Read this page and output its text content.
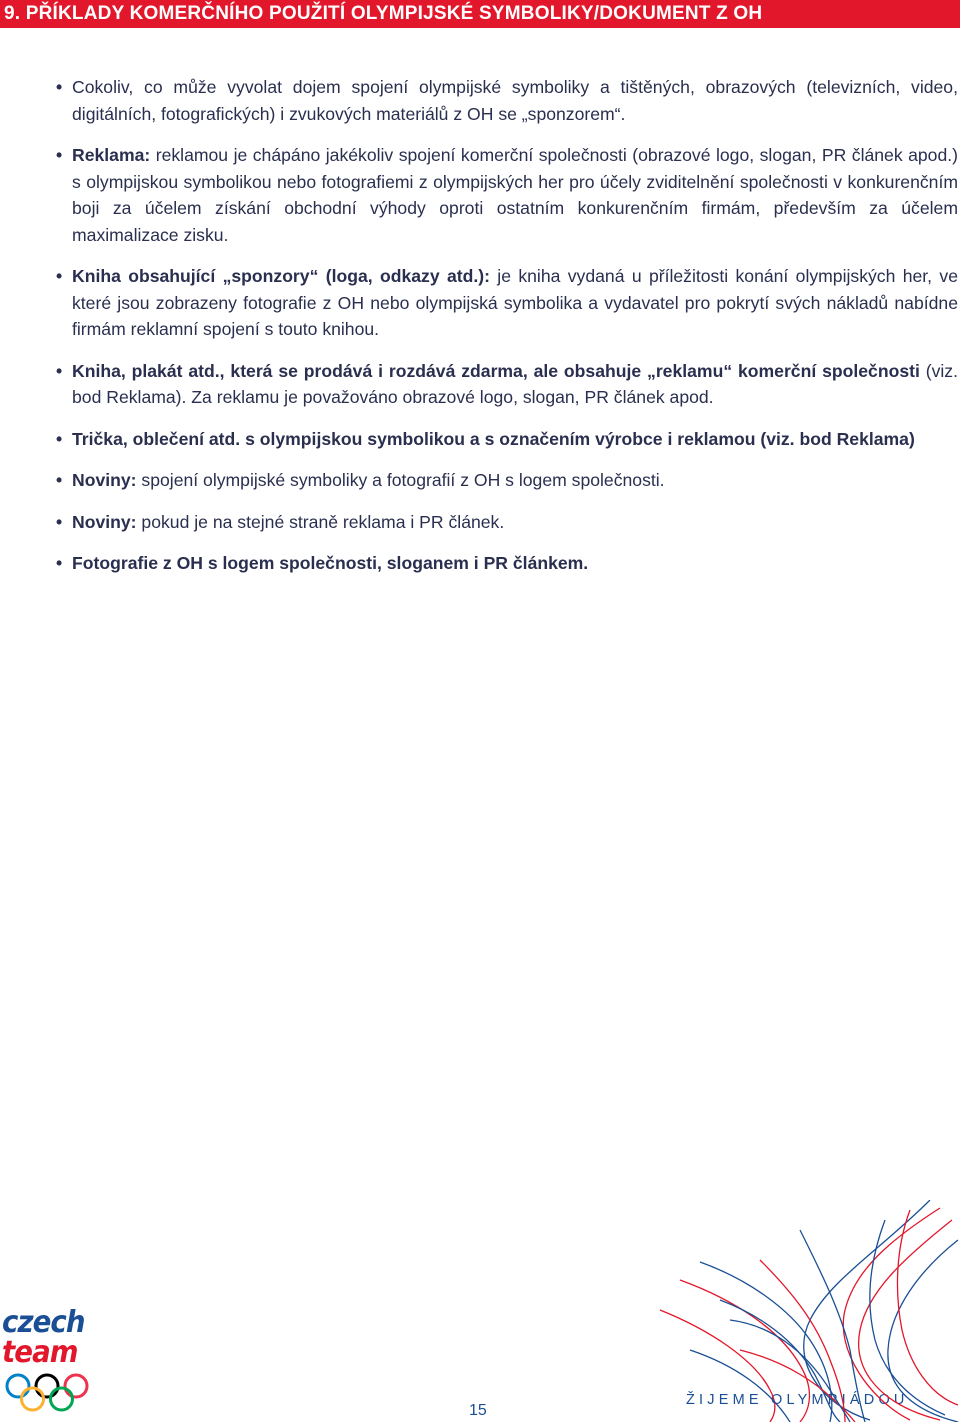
9. PŘÍKLADY KOMERČNÍHO POUŽITÍ OLYMPIJSKÉ SYMBOLIKY/DOKUMENT Z OH
• Cokoliv, co může vyvolat dojem spojení olympijské symboliky a tištěných, obrazových (televizních, video, digitálních, fotografických) i zvukových materiálů z OH se „sponzorem“.
• Reklama: reklamou je chápáno jakékoliv spojení komerční společnosti (obrazové logo, slogan, PR článek apod.) s olympijskou symbolikou nebo fotografiemi z olympijských her pro účely zviditelnění společnosti v konkurenčním boji za účelem získání obchodní výhody oproti ostatním konkurenčním firmám, především za účelem maximalizace zisku.
• Kniha obsahující „sponzory“ (loga, odkazy atd.): je kniha vydaná u příležitosti konání olympijských her, ve které jsou zobrazeny fotografie z OH nebo olympijská symbolika a vydavatel pro pokrytí svých nákladů nabídne firmám reklamní spojení s touto knihou.
• Kniha, plakát atd., která se prodává i rozdává zdarma, ale obsahuje „reklamu“ komerční společnosti (viz. bod Reklama). Za reklamu je považováno obrazové logo, slogan, PR článek apod.
• Trička, oblečení atd. s olympijskou symbolikou a s označením výrobce i reklamou (viz. bod Reklama)
• Noviny: spojení olympijské symboliky a fotografií z OH s logem společnosti.
• Noviny: pokud je na stejné straně reklama i PR článek.
• Fotografie z OH s logem společnosti, sloganem i PR článkem.
czech
team
15
ŽIJEME OLYMPIÁDOU
